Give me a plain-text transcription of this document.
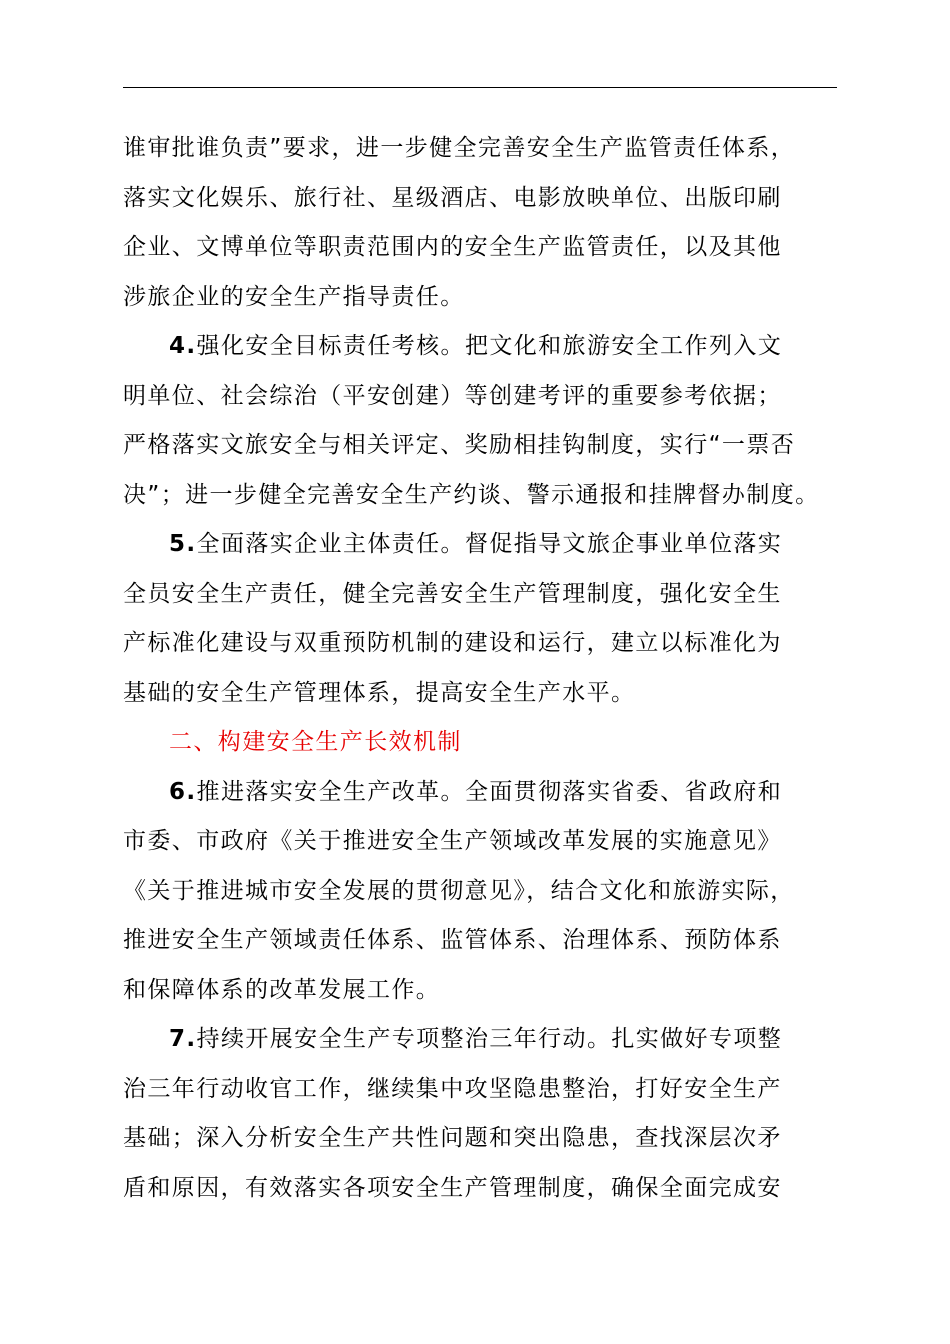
谁审批谁负责”要求，进一步健全完善安全生产监管责任体系，
落实文化娱乐、旅行社、星级酒店、电影放映单位、出版印刷
企业、文博单位等职责范围内的安全生产监管责任，以及其他
涉旅企业的安全生产指导责任。
4.强化安全目标责任考核。把文化和旅游安全工作列入文
明单位、社会综治（平安创建）等创建考评的重要参考依据；
严格落实文旅安全与相关评定、奖励相挂钩制度，实行“一票否
决”；进一步健全完善安全生产约谈、警示通报和挂牌督办制度。
5.全面落实企业主体责任。督促指导文旅企事业单位落实
全员安全生产责任，健全完善安全生产管理制度，强化安全生
产标准化建设与双重预防机制的建设和运行，建立以标准化为
基础的安全生产管理体系，提高安全生产水平。
二、构建安全生产长效机制
6.推进落实安全生产改革。全面贯彻落实省委、省政府和
市委、市政府《关于推进安全生产领域改革发展的实施意见》
《关于推进城市安全发展的贯彻意见》，结合文化和旅游实际，
推进安全生产领域责任体系、监管体系、治理体系、预防体系
和保障体系的改革发展工作。
7.持续开展安全生产专项整治三年行动。扎实做好专项整
治三年行动收官工作，继续集中攻坚隐患整治，打好安全生产
基础；深入分析安全生产共性问题和突出隐患，查找深层次矛
盾和原因，有效落实各项安全生产管理制度，确保全面完成安
